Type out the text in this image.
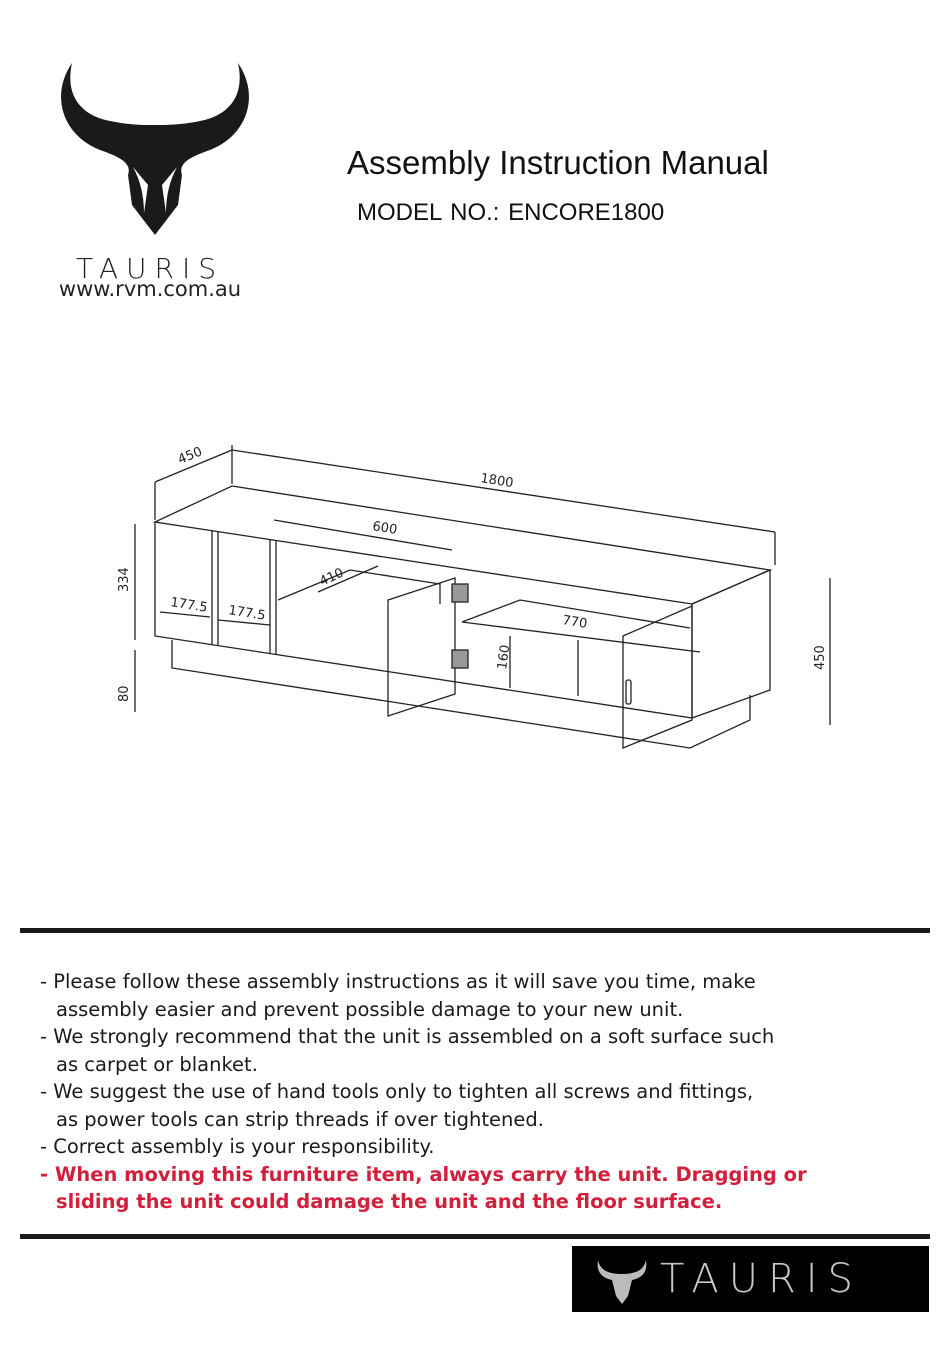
TAURIS
www.rvm.com.au
Assembly Instruction Manual
MODEL NO.: ENCORE1800
450
1800
600
410
334
177.5 177.5
80
770
160	450

- Please follow these assembly instructions as it will save you time, make
assembly easier and prevent possible damage to your new unit.

- We strongly recommend that the unit is assembled on a soft surface such
as carpet or blanket.

- We suggest the use of hand tools only to tighten all screws and fittings,
as power tools can strip threads if over tightened.

- Correct assembly is your responsibility.

- When moving this furniture item, always carry the unit. Dragging or
sliding the unit could damage the unit and the floor surface.

TAURIS
